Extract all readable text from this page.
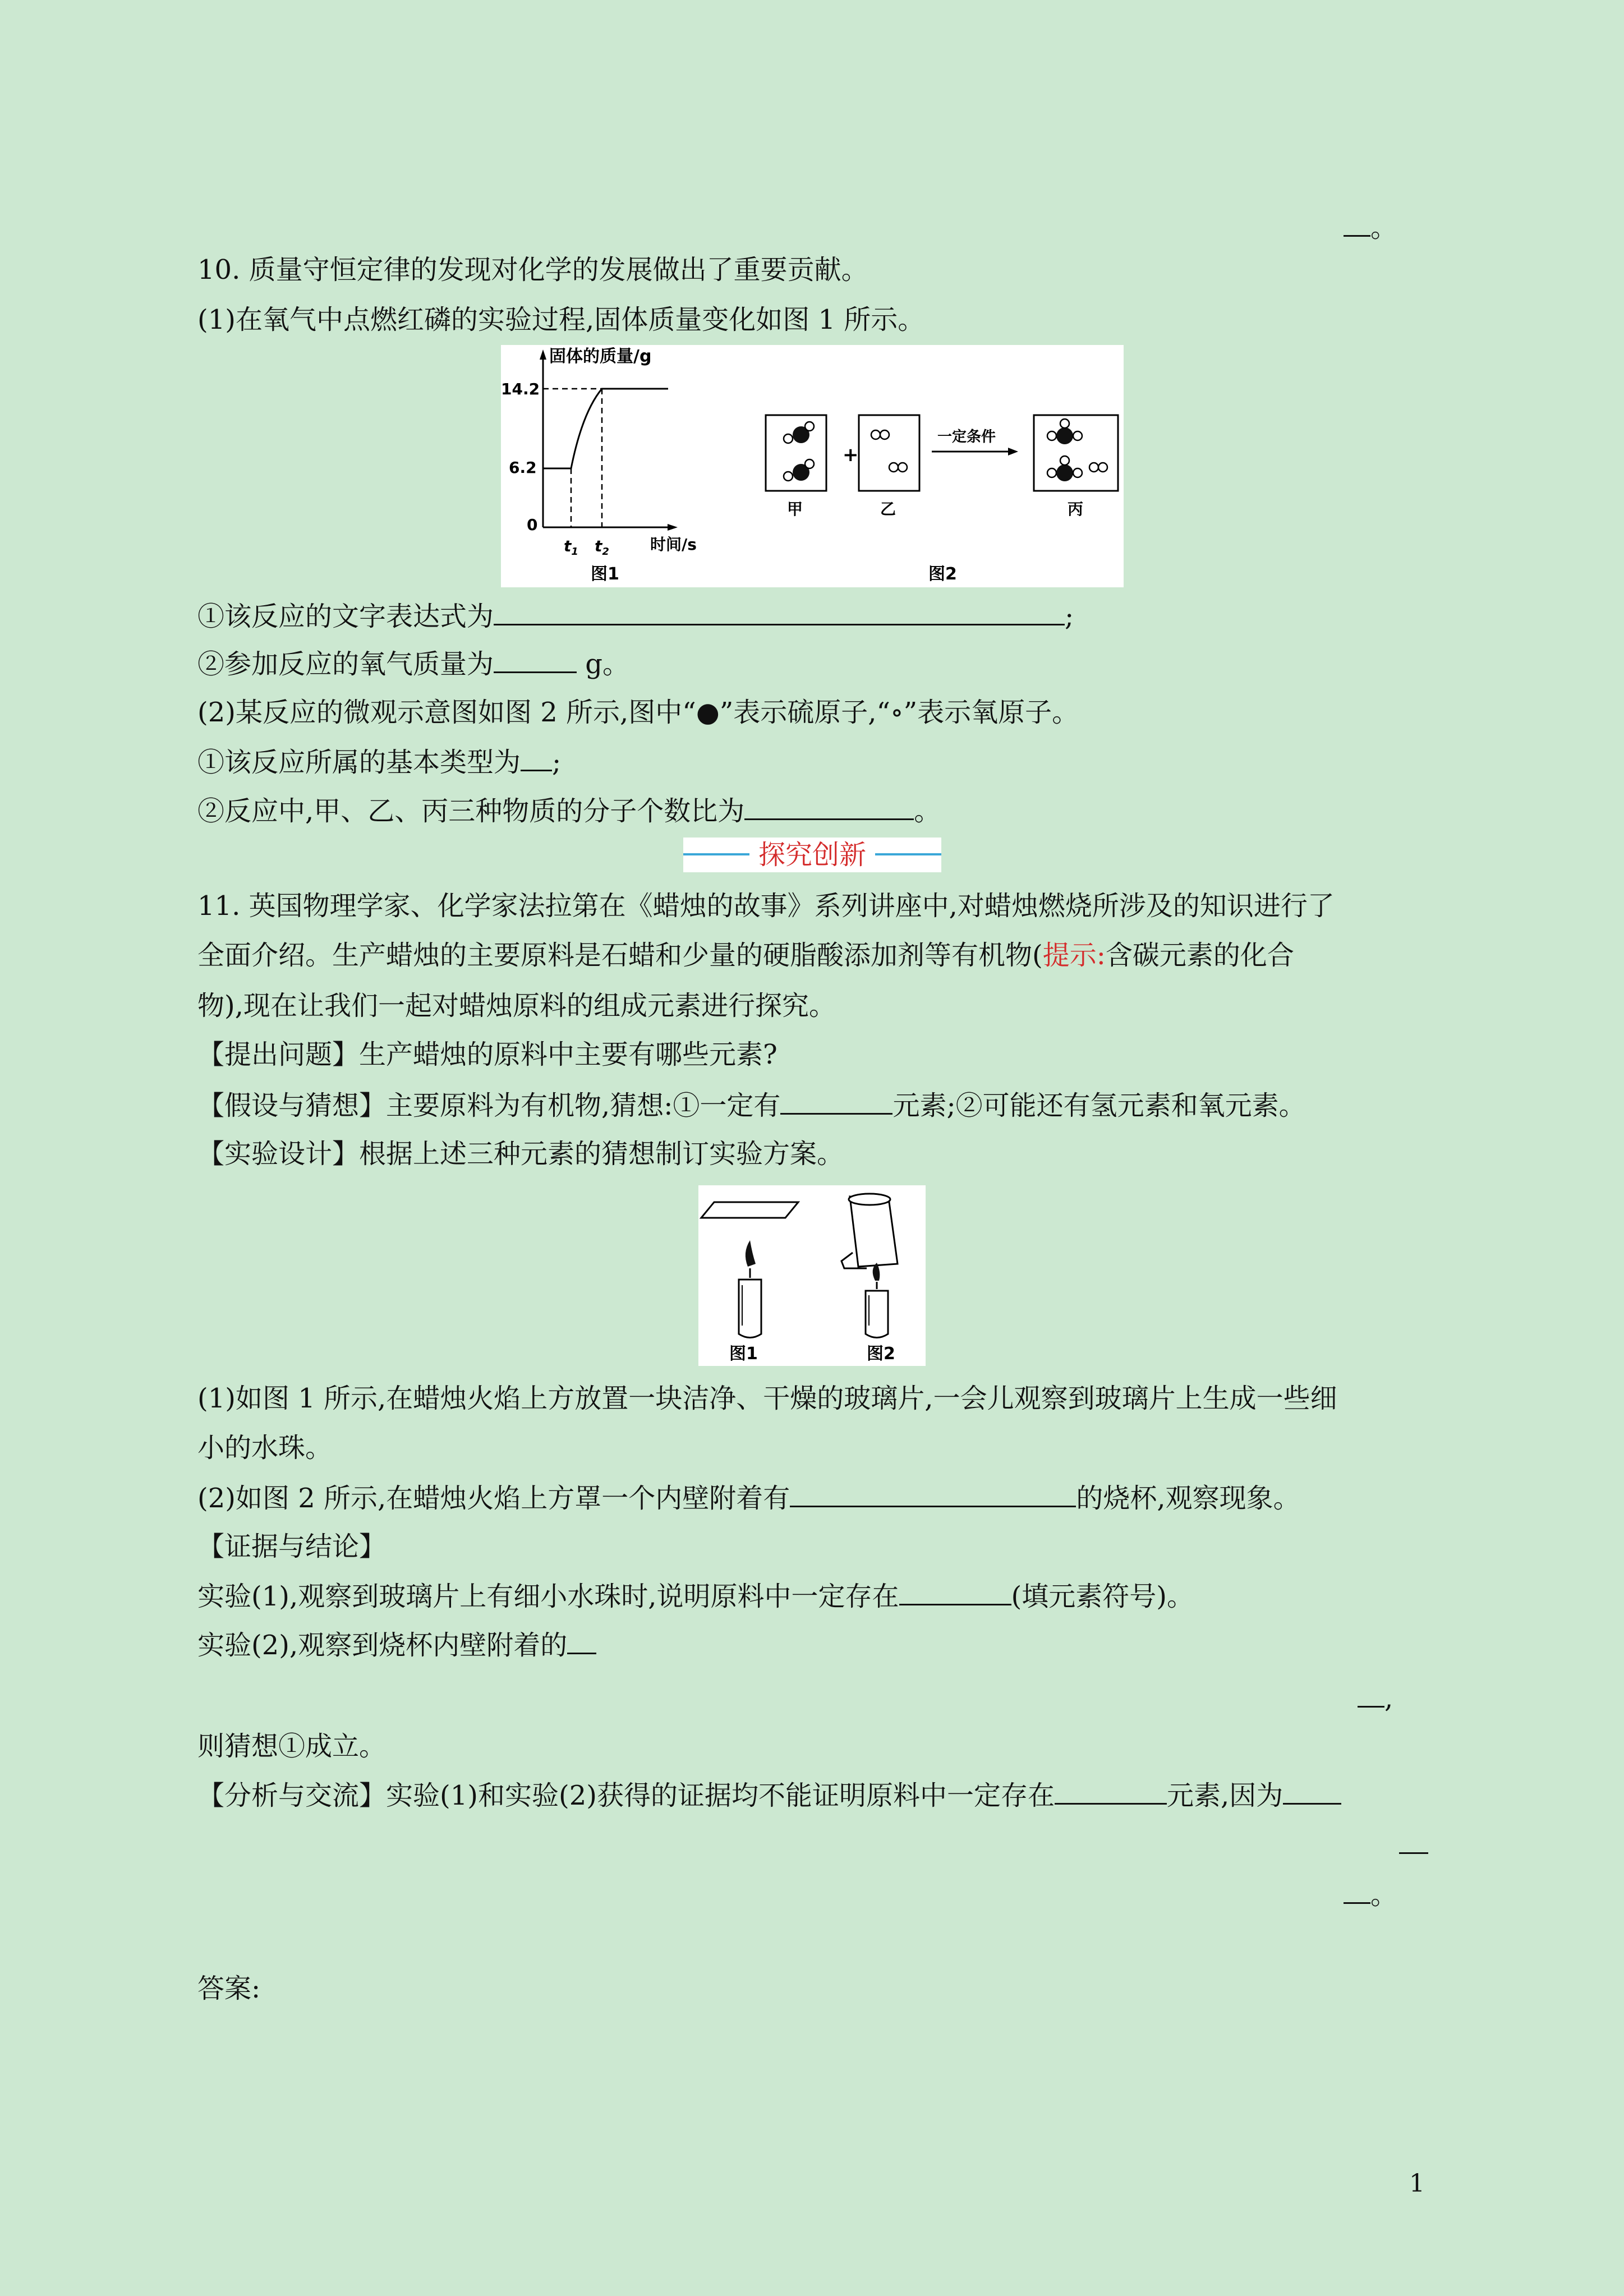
。
10. 质量守恒定律的发现对化学的发展做出了重要贡献。
(1)在氧气中点燃红磷的实验过程,固体质量变化如图 1 所示。
固体的质量/g
时间/s
14.2
6.2
0
$t_1$ $t_2$
图1
+
一定条件
甲	乙	丙
图2
①该反应的文字表达式为	;
②参加反应的氧气质量为	g。
(2)某反应的微观示意图如图 2 所示,图中“●”表示硫原子,“∘”表示氧原子。
①该反应所属的基本类型为 ;
②反应中,甲、乙、丙三种物质的分子个数比为	。
探究创新
11. 英国物理学家、化学家法拉第在《蜡烛的故事》系列讲座中,对蜡烛燃烧所涉及的知识进行了
全面介绍。生产蜡烛的主要原料是石蜡和少量的硬脂酸添加剂等有机物(提示:含碳元素的化合
物),现在让我们一起对蜡烛原料的组成元素进行探究。
【提出问题】生产蜡烛的原料中主要有哪些元素?
【假设与猜想】主要原料为有机物,猜想:①一定有	元素;②可能还有氢元素和氧元素。
【实验设计】根据上述三种元素的猜想制订实验方案。
图1	图2
(1)如图 1 所示,在蜡烛火焰上方放置一块洁净、干燥的玻璃片,一会儿观察到玻璃片上生成一些细
小的水珠。
(2)如图 2 所示,在蜡烛火焰上方罩一个内壁附着有	的烧杯,观察现象。
【证据与结论】
实验(1),观察到玻璃片上有细小水珠时,说明原料中一定存在	(填元素符号)。
实验(2),观察到烧杯内壁附着的
,
则猜想①成立。
【分析与交流】实验(1)和实验(2)获得的证据均不能证明原料中一定存在	元素,因为
。
答案:
1
